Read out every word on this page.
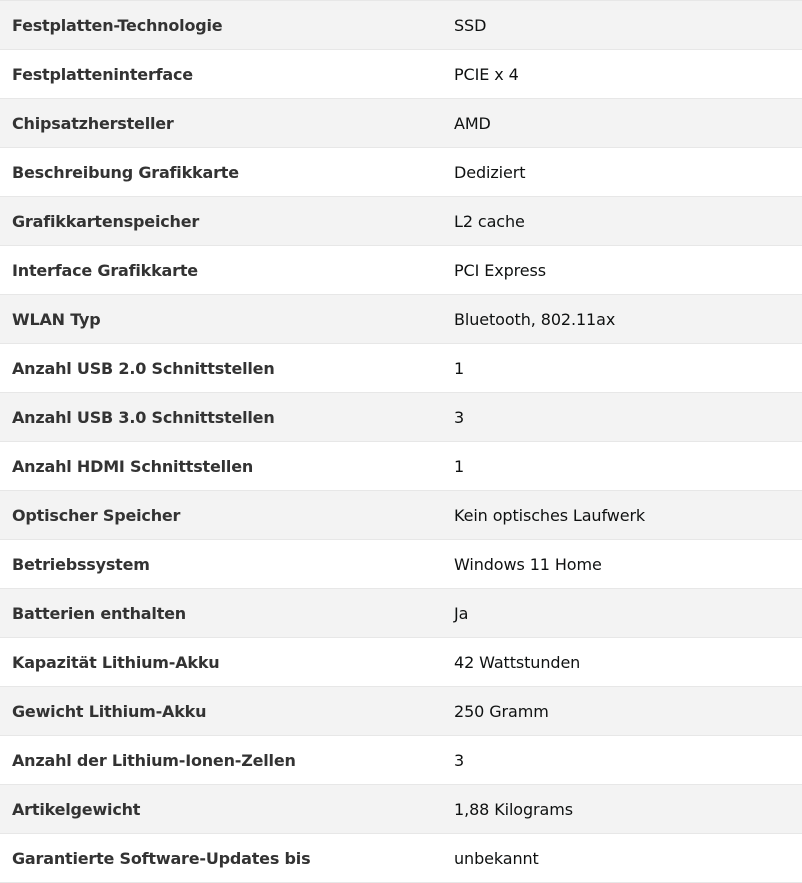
Festplatten-Technologie	SSD
Festplatteninterface	PCIE x 4
Chipsatzhersteller	AMD
Beschreibung Grafikkarte	Dediziert
Grafikkartenspeicher	L2 cache
Interface Grafikkarte	PCI Express
WLAN Typ	Bluetooth, 802.11ax
Anzahl USB 2.0 Schnittstellen	1
Anzahl USB 3.0 Schnittstellen	3
Anzahl HDMI Schnittstellen	1
Optischer Speicher	Kein optisches Laufwerk
Betriebssystem	Windows 11 Home
Batterien enthalten	Ja
Kapazität Lithium-Akku	42 Wattstunden
Gewicht Lithium-Akku	250 Gramm
Anzahl der Lithium-Ionen-Zellen	3
Artikelgewicht	1,88 Kilograms
Garantierte Software-Updates bis	unbekannt
